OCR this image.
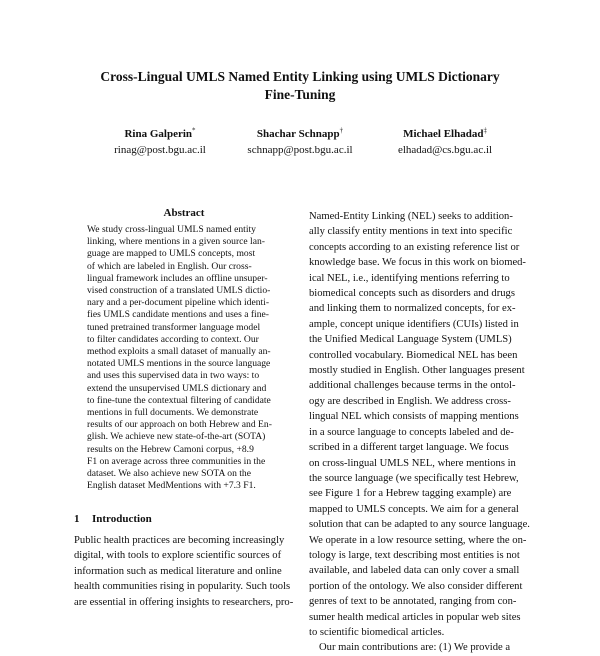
Cross-Lingual UMLS Named Entity Linking using UMLS Dictionary
Fine-Tuning
Rina Galperin*
rinag@post.bgu.ac.il
Shachar Schnapp†
schnapp@post.bgu.ac.il
Michael Elhadad‡
elhadad@cs.bgu.ac.il
Abstract
We study cross-lingual UMLS named entity
linking, where mentions in a given source lan-
guage are mapped to UMLS concepts, most
of which are labeled in English. Our cross-
lingual framework includes an offline unsuper-
vised construction of a translated UMLS dictio-
nary and a per-document pipeline which identi-
fies UMLS candidate mentions and uses a fine-
tuned pretrained transformer language model
to filter candidates according to context. Our
method exploits a small dataset of manually an-
notated UMLS mentions in the source language
and uses this supervised data in two ways: to
extend the unsupervised UMLS dictionary and
to fine-tune the contextual filtering of candidate
mentions in full documents. We demonstrate
results of our approach on both Hebrew and En-
glish. We achieve new state-of-the-art (SOTA)
results on the Hebrew Camoni corpus, +8.9
F1 on average across three communities in the
dataset. We also achieve new SOTA on the
English dataset MedMentions with +7.3 F1.
1 Introduction
Public health practices are becoming increasingly
digital, with tools to explore scientific sources of
information such as medical literature and online
health communities rising in popularity. Such tools
are essential in offering insights to researchers, pro-
Named-Entity Linking (NEL) seeks to addition-
ally classify entity mentions in text into specific
concepts according to an existing reference list or
knowledge base. We focus in this work on biomed-
ical NEL, i.e., identifying mentions referring to
biomedical concepts such as disorders and drugs
and linking them to normalized concepts, for ex-
ample, concept unique identifiers (CUIs) listed in
the Unified Medical Language System (UMLS)
controlled vocabulary. Biomedical NEL has been
mostly studied in English. Other languages present
additional challenges because terms in the ontol-
ogy are described in English. We address cross-
lingual NEL which consists of mapping mentions
in a source language to concepts labeled and de-
scribed in a different target language. We focus
on cross-lingual UMLS NEL, where mentions in
the source language (we specifically test Hebrew,
see Figure 1 for a Hebrew tagging example) are
mapped to UMLS concepts. We aim for a general
solution that can be adapted to any source language.
We operate in a low resource setting, where the on-
tology is large, text describing most entities is not
available, and labeled data can only cover a small
portion of the ontology. We also consider different
genres of text to be annotated, ranging from con-
sumer health medical articles in popular web sites
to scientific biomedical articles.
Our main contributions are: (1) We provide a
